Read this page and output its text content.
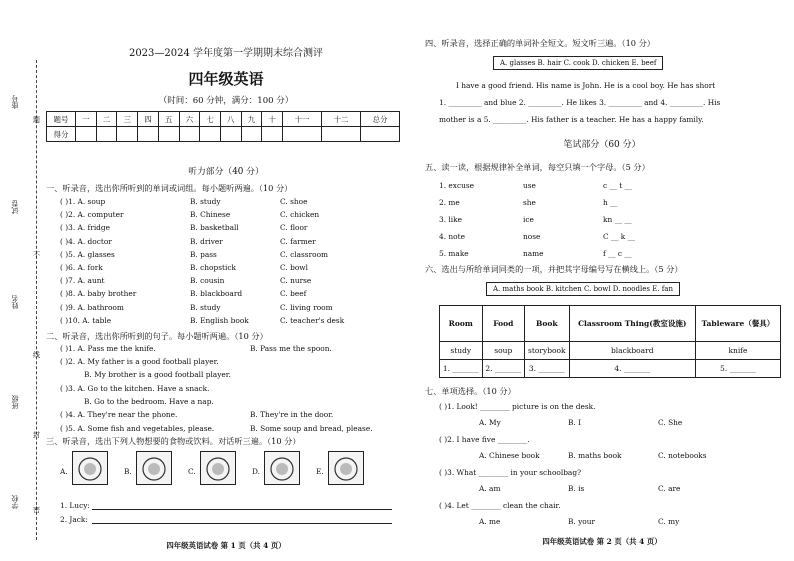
座号
试卷
姓名
班级
学校
题
不
线
封
密
2023—2024 学年度第一学期期末综合测评
四年级英语
（时间：60 分钟，满分：100 分）
题号	一	二	三	四	五	六	七	八	九	十	十一	十二	总分
得分													
听力部分（40 分）
一、听录音，选出你所听到的单词或词组。每小题听两遍。（10 分）
( )1. A. soup	B. study	C. shoe
( )2. A. computer	B. Chinese	C. chicken
( )3. A. fridge	B. basketball	C. floor
( )4. A. doctor	B. driver	C. farmer
( )5. A. glasses	B. pass	C. classroom
( )6. A. fork	B. chopstick	C. bowl
( )7. A. aunt	B. cousin	C. nurse
( )8. A. baby brother	B. blackboard	C. beef
( )9. A. bathroom	B. study	C. living room
( )10. A. table	B. English book	C. teacher's desk
二、听录音，选出你所听到的句子。每小题听两遍。（10 分）
( )1. A. Pass me the knife.	B. Pass me the spoon.
( )2. A. My father is a good football player.
B. My brother is a good football player.
( )3. A. Go to the kitchen. Have a snack.
B. Go to the bedroom. Have a nap.
( )4. A. They're near the phone.	B. They're in the door.
( )5. A. Some fish and vegetables, please.	B. Some soup and bread, please.
三、听录音，选出下列人物想要的食物或饮料。对话听三遍。（10 分）
A.	B.	C.	D.	E.
1. Lucy:
2. Jack:
四年级英语试卷 第 1 页（共 4 页）
四、听录音，选择正确的单词补全短文。短文听三遍。（10 分）
A. glasses B. hair C. cook D. chicken E. beef
I have a good friend. His name is John. He is a cool boy. He has short
1. _________ and blue 2. _________. He likes 3. _________ and 4. _________. His
mother is a 5. _________. His father is a teacher. He has a happy family.
笔试部分（60 分）
五、读一读，根据规律补全单词，每空只填一个字母。（5 分）
1. excuse	use	c __ t __
2. me	she	h __
3. like	ice	kn __ __
4. note	nose	C __ k __
5. make	name	f __ c __
六、选出与所给单词同类的一项，并把其字母编号写在横线上。（5 分）
A. maths book B. kitchen C. bowl D. noodles E. fan
Room	Food	Book	Classroom Thing(教室设施)	Tableware（餐具）
study	soup	storybook	blackboard	knife
1. _______	2. _______	3. _______	4. _______	5. _______
七、单项选择。（10 分）
( )1. Look! ________ picture is on the desk.
A. My	B. I	C. She
( )2. I have five ________.
A. Chinese book	B. maths book	C. notebooks
( )3. What ________ in your schoolbag?
A. am	B. is	C. are
( )4. Let ________ clean the chair.
A. me	B. your	C. my
四年级英语试卷 第 2 页（共 4 页）
